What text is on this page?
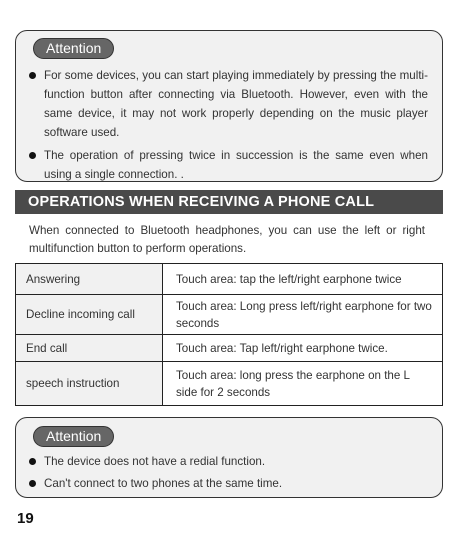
Attention
For some devices, you can start playing immediately by pressing the multi-function button after connecting via Bluetooth. However, even with the same device, it may not work properly depending on the music player software used.
The operation of pressing twice in succession is the same even when using a single connection. .
OPERATIONS WHEN RECEIVING A PHONE CALL

When connected to Bluetooth headphones, you can use the left or right multifunction button to perform operations.

Answering	Touch area: tap the left/right earphone twice
Decline incoming call	Touch area: Long press left/right earphone for two seconds
End call	Touch area: Tap left/right earphone twice.
speech instruction	Touch area: long press the earphone on the L side for 2 seconds
Attention
The device does not have a redial function.
Can't connect to two phones at the same time.
19
